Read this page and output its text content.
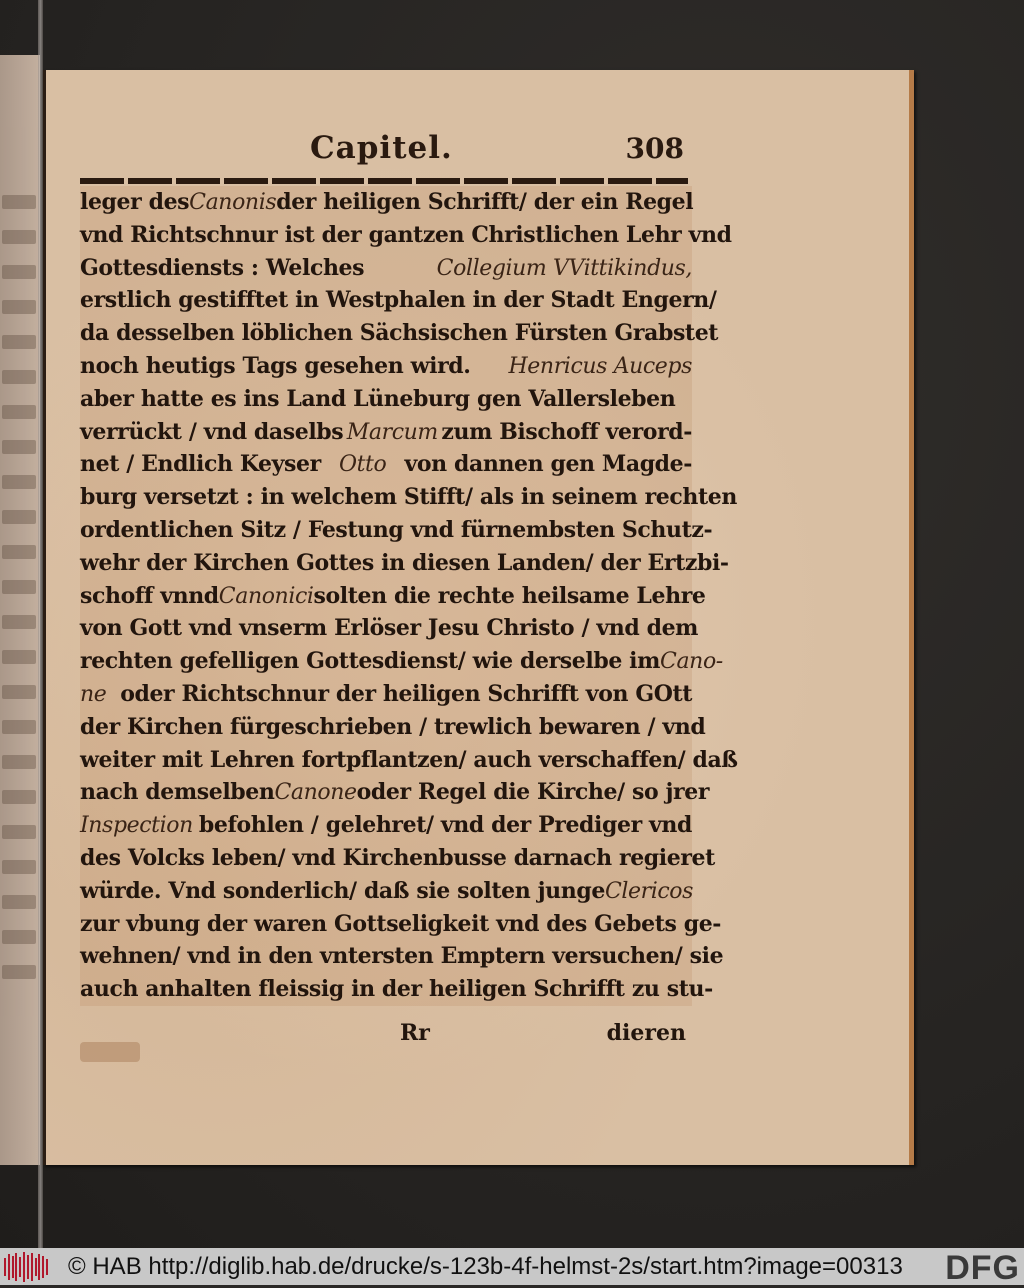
Capitel.	308
leger des Canonis der heiligen Schrifft/ der ein Regel
vnd Richtschnur ist der gantzen Christlichen Lehr vnd
Gottesdiensts : Welches	Collegium VVittikindus,
erstlich gestifftet in Westphalen in der Stadt Engern/
da desselben löblichen Sächsischen Fürsten Grabstet
noch heutigs Tags gesehen wird. Henricus Auceps
aber hatte es ins Land Lüneburg gen Vallersleben
verrückt / vnd daselbs Marcum zum Bischoff verord-
net / Endlich Keyser Otto von dannen gen Magde-
burg versetzt : in welchem Stifft/ als in seinem rechten
ordentlichen Sitz / Festung vnd fürnembsten Schutz-
wehr der Kirchen Gottes in diesen Landen/ der Ertzbi-
schoff vnnd Canonici solten die rechte heilsame Lehre
von Gott vnd vnserm Erlöser Jesu Christo / vnd dem
rechten gefelligen Gottesdienst/ wie derselbe im Cano-
ne oder Richtschnur der heiligen Schrifft von GOtt
der Kirchen fürgeschrieben / trewlich bewaren / vnd
weiter mit Lehren fortpflantzen/ auch verschaffen/ daß
nach demselben Canone oder Regel die Kirche/ so jrer
Inspection befohlen / gelehret/ vnd der Prediger vnd
des Volcks leben/ vnd Kirchenbusse darnach regieret
würde. Vnd sonderlich/ daß sie solten junge Clericos
zur vbung der waren Gottseligkeit vnd des Gebets ge-
wehnen/ vnd in den vntersten Emptern versuchen/ sie
auch anhalten fleissig in der heiligen Schrifft zu stu-
Rr	dieren
© HAB http://diglib.hab.de/drucke/s-123b-4f-helmst-2s/start.htm?image=00313 DFG
